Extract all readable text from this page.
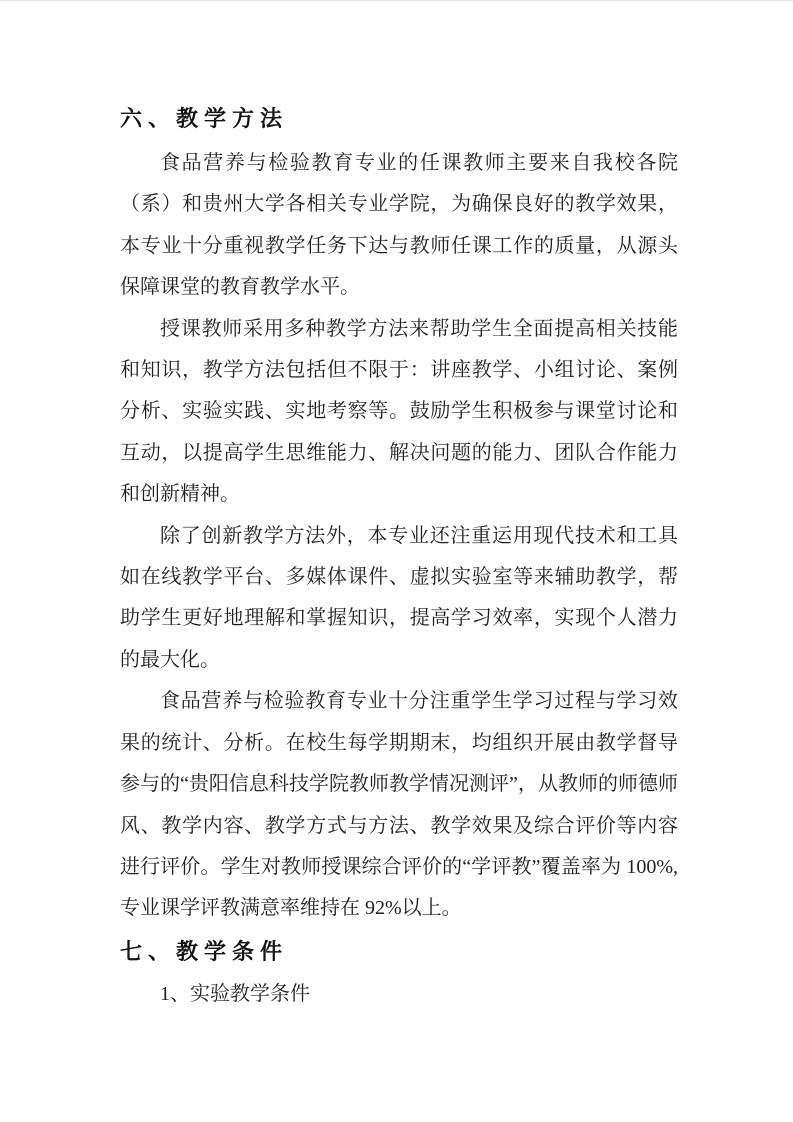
六、教学方法

食品营养与检验教育专业的任课教师主要来自我校各院（系）和贵州大学各相关专业学院，为确保良好的教学效果，本专业十分重视教学任务下达与教师任课工作的质量，从源头保障课堂的教育教学水平。

授课教师采用多种教学方法来帮助学生全面提高相关技能和知识，教学方法包括但不限于：讲座教学、小组讨论、案例分析、实验实践、实地考察等。鼓励学生积极参与课堂讨论和互动，以提高学生思维能力、解决问题的能力、团队合作能力和创新精神。

除了创新教学方法外，本专业还注重运用现代技术和工具如在线教学平台、多媒体课件、虚拟实验室等来辅助教学，帮助学生更好地理解和掌握知识，提高学习效率，实现个人潜力的最大化。

食品营养与检验教育专业十分注重学生学习过程与学习效果的统计、分析。在校生每学期期末，均组织开展由教学督导参与的“贵阳信息科技学院教师教学情况测评”，从教师的师德师风、教学内容、教学方式与方法、教学效果及综合评价等内容进行评价。学生对教师授课综合评价的“学评教”覆盖率为 100%,专业课学评教满意率维持在 92%以上。

七、教学条件

1、实验教学条件
